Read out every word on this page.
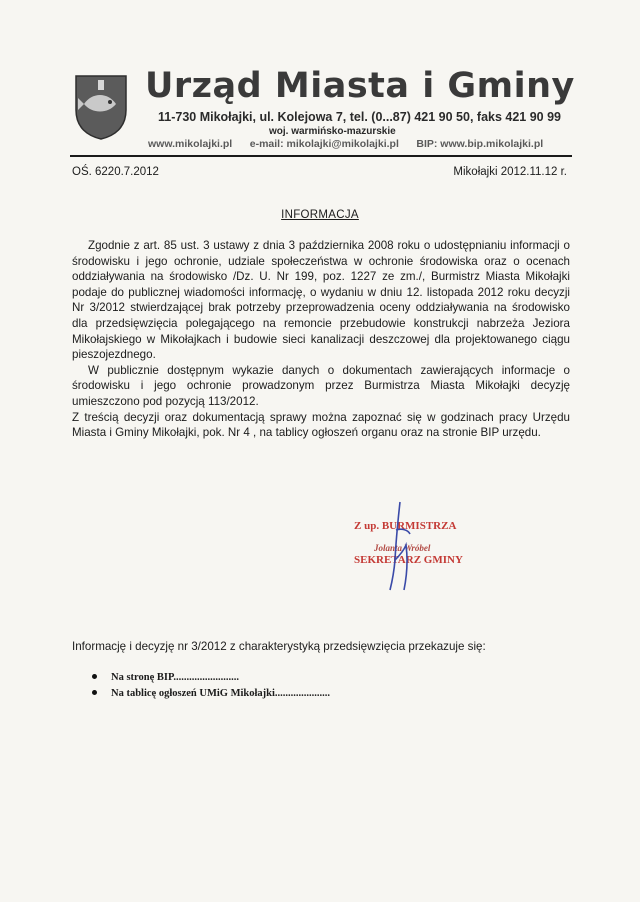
Urząd Miasta i Gminy
11-730 Mikołajki, ul. Kolejowa 7, tel. (0...87) 421 90 50, faks 421 90 99
woj. warmińsko-mazurskie
www.mikolajki.pl e-mail: mikolajki@mikolajki.pl BIP: www.bip.mikolajki.pl
OŚ. 6220.7.2012	Mikołajki 2012.11.12 r.
INFORMACJA

Zgodnie z art. 85 ust. 3 ustawy z dnia 3 października 2008 roku o udostępnianiu informacji o środowisku i jego ochronie, udziale społeczeństwa w ochronie środowiska oraz o ocenach oddziaływania na środowisko /Dz. U. Nr 199, poz. 1227 ze zm./, Burmistrz Miasta Mikołajki podaje do publicznej wiadomości informację, o wydaniu w dniu 12. listopada 2012 roku decyzji Nr 3/2012 stwierdzającej brak potrzeby przeprowadzenia oceny oddziaływania na środowisko dla przedsięwzięcia polegającego na remoncie przebudowie konstrukcji nabrzeża Jeziora Mikołajskiego w Mikołajkach i budowie sieci kanalizacji deszczowej dla projektowanego ciągu pieszojezdnego.

W publicznie dostępnym wykazie danych o dokumentach zawierających informacje o środowisku i jego ochronie prowadzonym przez Burmistrza Miasta Mikołajki decyzję umieszczono pod pozycją 113/2012.

Z treścią decyzji oraz dokumentacją sprawy można zapoznać się w godzinach pracy Urzędu Miasta i Gminy Mikołajki, pok. Nr 4 , na tablicy ogłoszeń organu oraz na stronie BIP urzędu.

Z up. BURMISTRZA
Jolanta Wróbel
SEKRETARZ GMINY
Informację i decyzję nr 3/2012 z charakterystyką przedsięwzięcia przekazuje się:
Na stronę BIP.........................
Na tablicę ogłoszeń UMiG Mikołajki.....................
